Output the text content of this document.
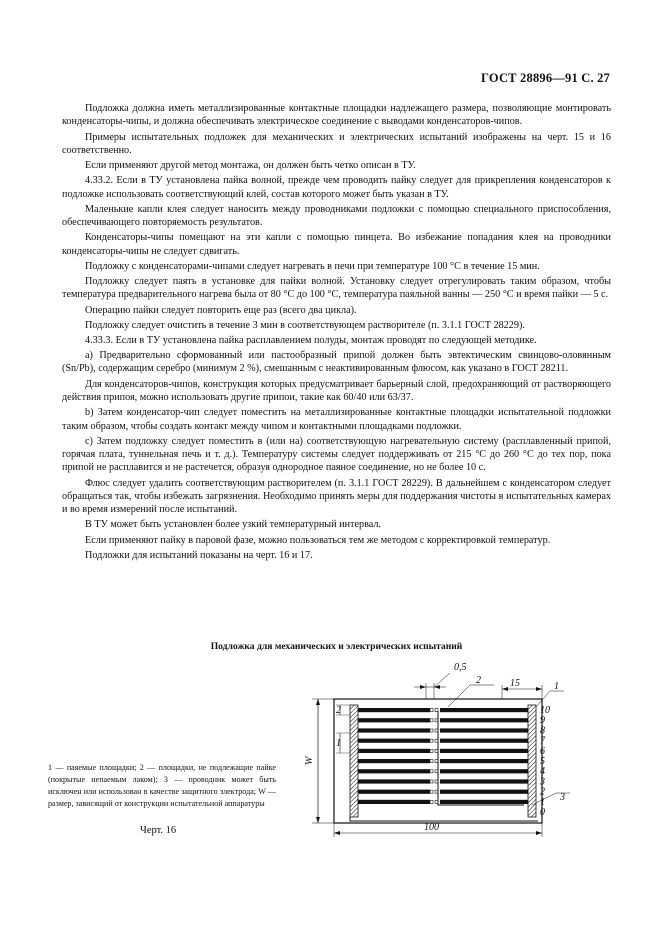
ГОСТ 28896—91 С. 27

Подложка должна иметь металлизированные контактные площадки надлежащего размера, позволяющие монтировать конденсаторы-чипы, и должна обеспечивать электрическое соединение с выводами конденсаторов-чипов.

Примеры испытательных подложек для механических и электрических испытаний изображены на черт. 15 и 16 соответственно.

Если применяют другой метод монтажа, он должен быть четко описан в ТУ.

4.33.2. Если в ТУ установлена пайка волной, прежде чем проводить пайку следует для прикрепления конденсаторов к подложке использовать соответствующий клей, состав которого может быть указан в ТУ.

Маленькие капли клея следует наносить между проводниками подложки с помощью специального приспособления, обеспечивающего повторяемость результатов.

Конденсаторы-чипы помещают на эти капли с помощью пинцета. Во избежание попадания клея на проводники конденсаторы-чипы не следует сдвигать.

Подложку с конденсаторами-чипами следует нагревать в печи при температуре 100 °С в течение 15 мин.

Подложку следует паять в установке для пайки волной. Установку следует отрегулировать таким образом, чтобы температура предварительного нагрева была от 80 °С до 100 °С, температура паяльной ванны — 250 °С и время пайки — 5 с.

Операцию пайки следует повторить еще раз (всего два цикла).

Подложку следует очистить в течение 3 мин в соответствующем растворителе (п. 3.1.1 ГОСТ 28229).

4.33.3. Если в ТУ установлена пайка расплавлением полуды, монтаж проводят по следующей методике.

а) Предварительно сформованный или пастообразный припой должен быть эвтектическим свинцово-оловянным (Sn/Pb), содержащим серебро (минимум 2 %), смешанным с неактивированным флюсом, как указано в ГОСТ 28211.

Для конденсаторов-чипов, конструкция которых предусматривает барьерный слой, предохраняющий от растворяющего действия припоя, можно использовать другие припои, такие как 60/40 или 63/37.

b) Затем конденсатор-чип следует поместить на металлизированные контактные площадки испытательной подложки таким образом, чтобы создать контакт между чипом и контактными площадками подложки.

с) Затем подложку следует поместить в (или на) соответствующую нагревательную систему (расплавленный припой, горячая плата, туннельная печь и т. д.). Температуру системы следует поддерживать от 215 °С до 260 °С до тех пор, пока припой не расплавится и не растечется, образуя однородное паяное соединение, но не более 10 с.

Флюс следует удалить соответствующим растворителем (п. 3.1.1 ГОСТ 28229). В дальнейшем с конденсатором следует обращаться так, чтобы избежать загрязнения. Необходимо принять меры для поддержания чистоты в испытательных камерах и во время измерений после испытаний.

В ТУ может быть установлен более узкий температурный интервал.

Если применяют пайку в паровой фазе, можно пользоваться тем же методом с корректировкой температур.

Подложки для испытаний показаны на черт. 16 и 17.

Подложка для механических и электрических испытаний
1 — паяемые площадки; 2 — площадки, не подлежащие пайке (покрытые непаемым лаком); 3 — проводник может быть исключен или использован в качестве защитного электрода; W — размер, зависящий от конструкции испытательной аппаратуры
Черт. 16
10
9
8
7
6
5
4
3
2
1
0
W
2
1
0,5
2	15	1
3
100
